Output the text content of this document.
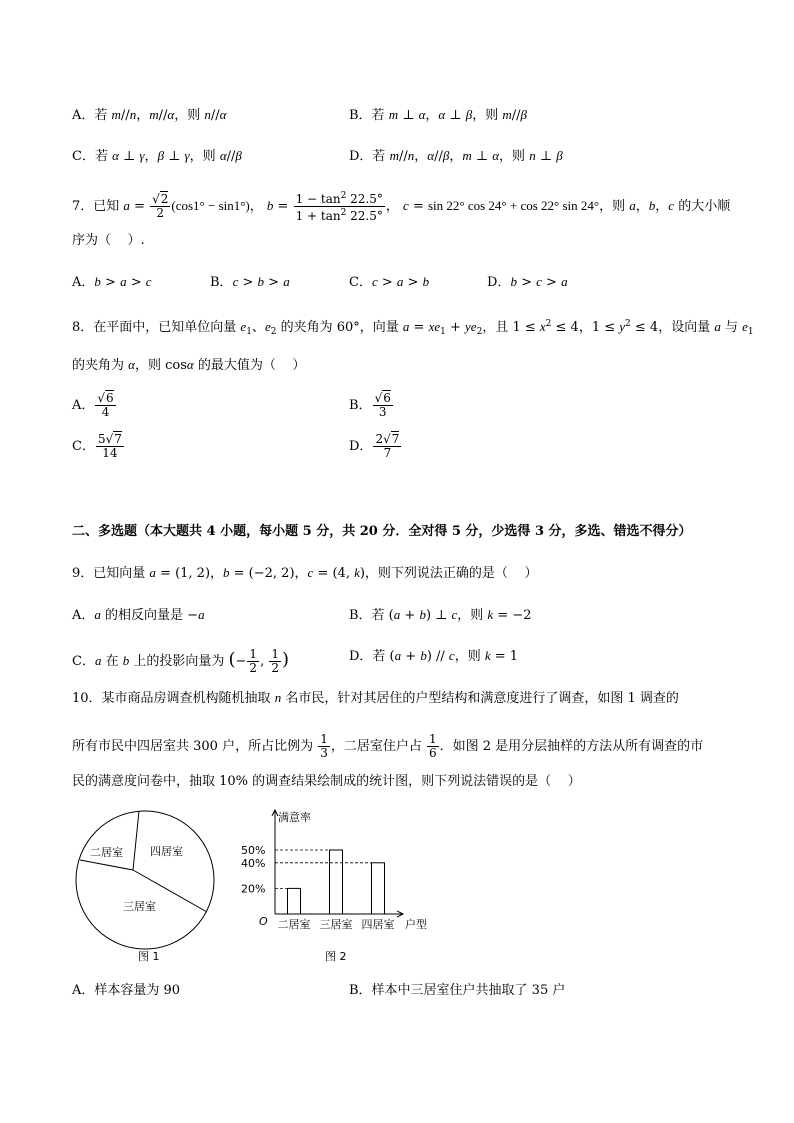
A．若 m//n，m//α，则 n//α	B．若 m ⊥ α，α ⊥ β，则 m//β
C．若 α ⊥ γ，β ⊥ γ，则 α//β	D．若 m//n，α//β，m ⊥ α，则 n ⊥ β
7．已知 $a = \frac{√2}{2} (\cos 1^\circ - \sin 1^\circ)$， $b = \frac{1 - \tan^2 22.5^\circ}{1 + \tan^2 22.5^\circ}$ ， c = sin 22° cos 24° + cos 22° sin 24°，则 a，b，c 的大小顺
序为（    ）.
A．b > a > c	B．c > b > a	C．c > a > b	D．b > c > a
8．在平面中，已知单位向量 $e_1$、$e_2$ 的夹角为 60°，向量 $a = xe_1 + ye_2$，且 $1 \le x^2 \le 4$，$1 \le y^2 \le 4$，设向量 a 与 $e_1$
的夹角为 α，则 cosα 的最大值为（    ）
A． $\frac{√6}{4}$	B． $\frac{√6}{3}$
C． $\frac{5√7}{14}$	D． $\frac{2√7}{7}$
二、多选题（本大题共 4 小题，每小题 5 分，共 20 分．全对得 5 分，少选得 3 分，多选、错选不得分）
9．已知向量 a = (1, 2)，b = (−2, 2)，c = (4, k)，则下列说法正确的是（    ）
A．a 的相反向量是 −a	B．若 (a + b) ⊥ c，则 k = −2
C．a 在 b 上的投影向量为 (− $\frac{1}{2}$ , $\frac{1}{2}$ )	D．若 (a + b) // c，则 k = 1
10．某市商品房调查机构随机抽取 n 名市民，针对其居住的户型结构和满意度进行了调查，如图 1 调查的
所有市民中四居室共 300 户，所占比例为 $\frac{1}{3}$ ，二居室住户占 $\frac{1}{6}$ ．如图 2 是用分层抽样的方法从所有调查的市
民的满意度问卷中，抽取 10% 的调查结果绘制成的统计图，则下列说法错误的是（    ）
二居室 四居室
三居室
图 1
满意率
户型
O
20%
40%
50%
二居室 三居室 四居室
图 2
A．样本容量为 90	B．样本中三居室住户共抽取了 35 户
